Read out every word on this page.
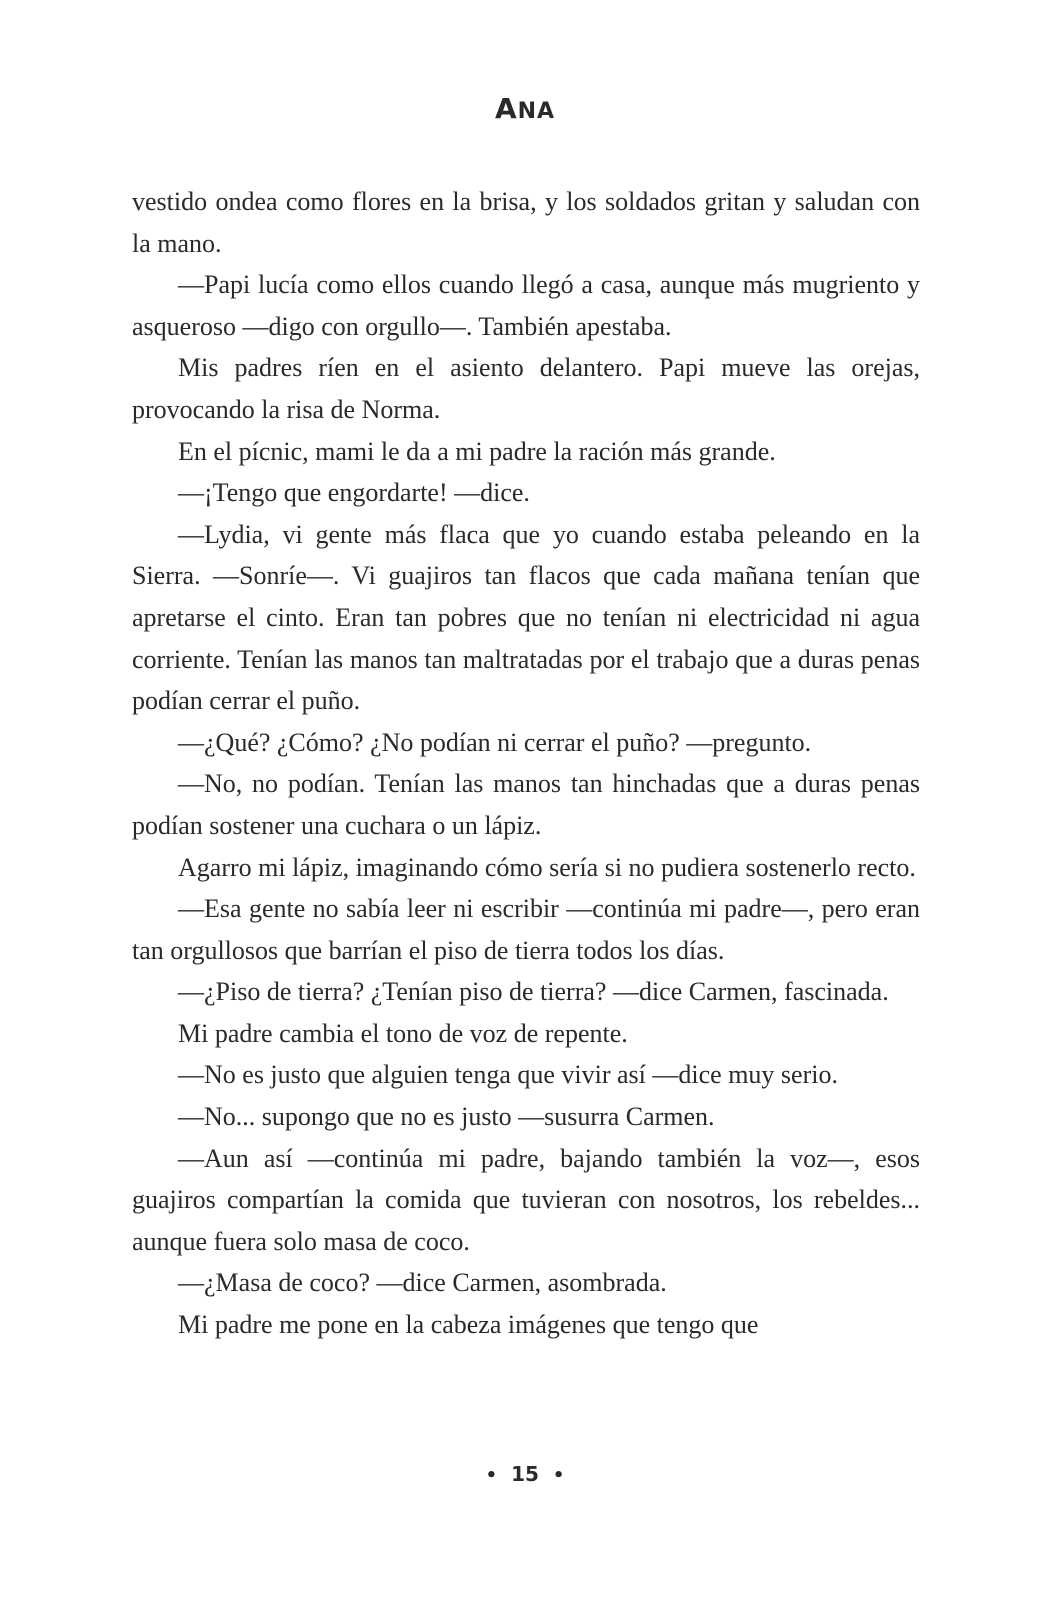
ANA

vestido ondea como flores en la brisa, y los soldados gritan y saludan con la mano.

—Papi lucía como ellos cuando llegó a casa, aunque más mugriento y asqueroso —digo con orgullo—. También apestaba.

Mis padres ríen en el asiento delantero. Papi mueve las orejas, provocando la risa de Norma.

En el pícnic, mami le da a mi padre la ración más grande.

—¡Tengo que engordarte! —dice.

—Lydia, vi gente más flaca que yo cuando estaba peleando en la Sierra. —Sonríe—. Vi guajiros tan flacos que cada mañana tenían que apretarse el cinto. Eran tan pobres que no tenían ni electricidad ni agua corriente. Tenían las manos tan maltratadas por el trabajo que a duras penas podían cerrar el puño.

—¿Qué? ¿Cómo? ¿No podían ni cerrar el puño? —pregunto.

—No, no podían. Tenían las manos tan hinchadas que a duras penas podían sostener una cuchara o un lápiz.

Agarro mi lápiz, imaginando cómo sería si no pudiera sostenerlo recto.

—Esa gente no sabía leer ni escribir —continúa mi padre—, pero eran tan orgullosos que barrían el piso de tierra todos los días.

—¿Piso de tierra? ¿Tenían piso de tierra? —dice Carmen, fascinada.

Mi padre cambia el tono de voz de repente.

—No es justo que alguien tenga que vivir así —dice muy serio.

—No... supongo que no es justo —susurra Carmen.

—Aun así —continúa mi padre, bajando también la voz—, esos guajiros compartían la comida que tuvieran con nosotros, los rebeldes... aunque fuera solo masa de coco.

—¿Masa de coco? —dice Carmen, asombrada.

Mi padre me pone en la cabeza imágenes que tengo que

• 15 •
